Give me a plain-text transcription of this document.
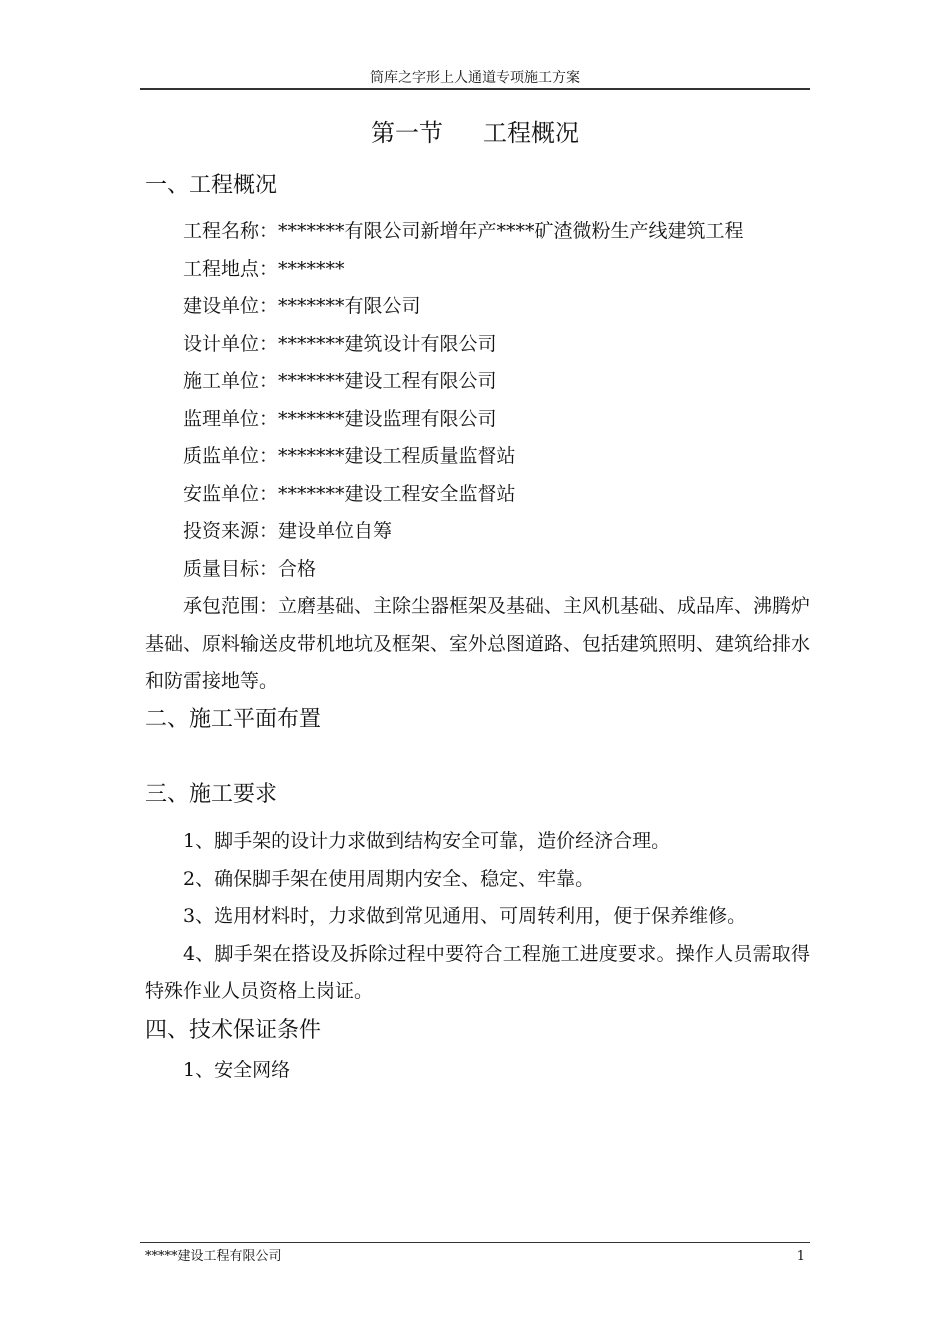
筒库之字形上人通道专项施工方案
第一节 工程概况
一、工程概况
工程名称：*******有限公司新增年产****矿渣微粉生产线建筑工程
工程地点：*******
建设单位：*******有限公司
设计单位：*******建筑设计有限公司
施工单位：*******建设工程有限公司
监理单位：*******建设监理有限公司
质监单位：*******建设工程质量监督站
安监单位：*******建设工程安全监督站
投资来源：建设单位自筹
质量目标：合格
承包范围：立磨基础、主除尘器框架及基础、主风机基础、成品库、沸腾炉基础、原料输送皮带机地坑及框架、室外总图道路、包括建筑照明、建筑给排水和防雷接地等。
二、施工平面布置
三、施工要求
1、脚手架的设计力求做到结构安全可靠，造价经济合理。
2、确保脚手架在使用周期内安全、稳定、牢靠。
3、选用材料时，力求做到常见通用、可周转利用，便于保养维修。
4、脚手架在搭设及拆除过程中要符合工程施工进度要求。操作人员需取得特殊作业人员资格上岗证。
四、技术保证条件
1、安全网络
*****建设工程有限公司	1
